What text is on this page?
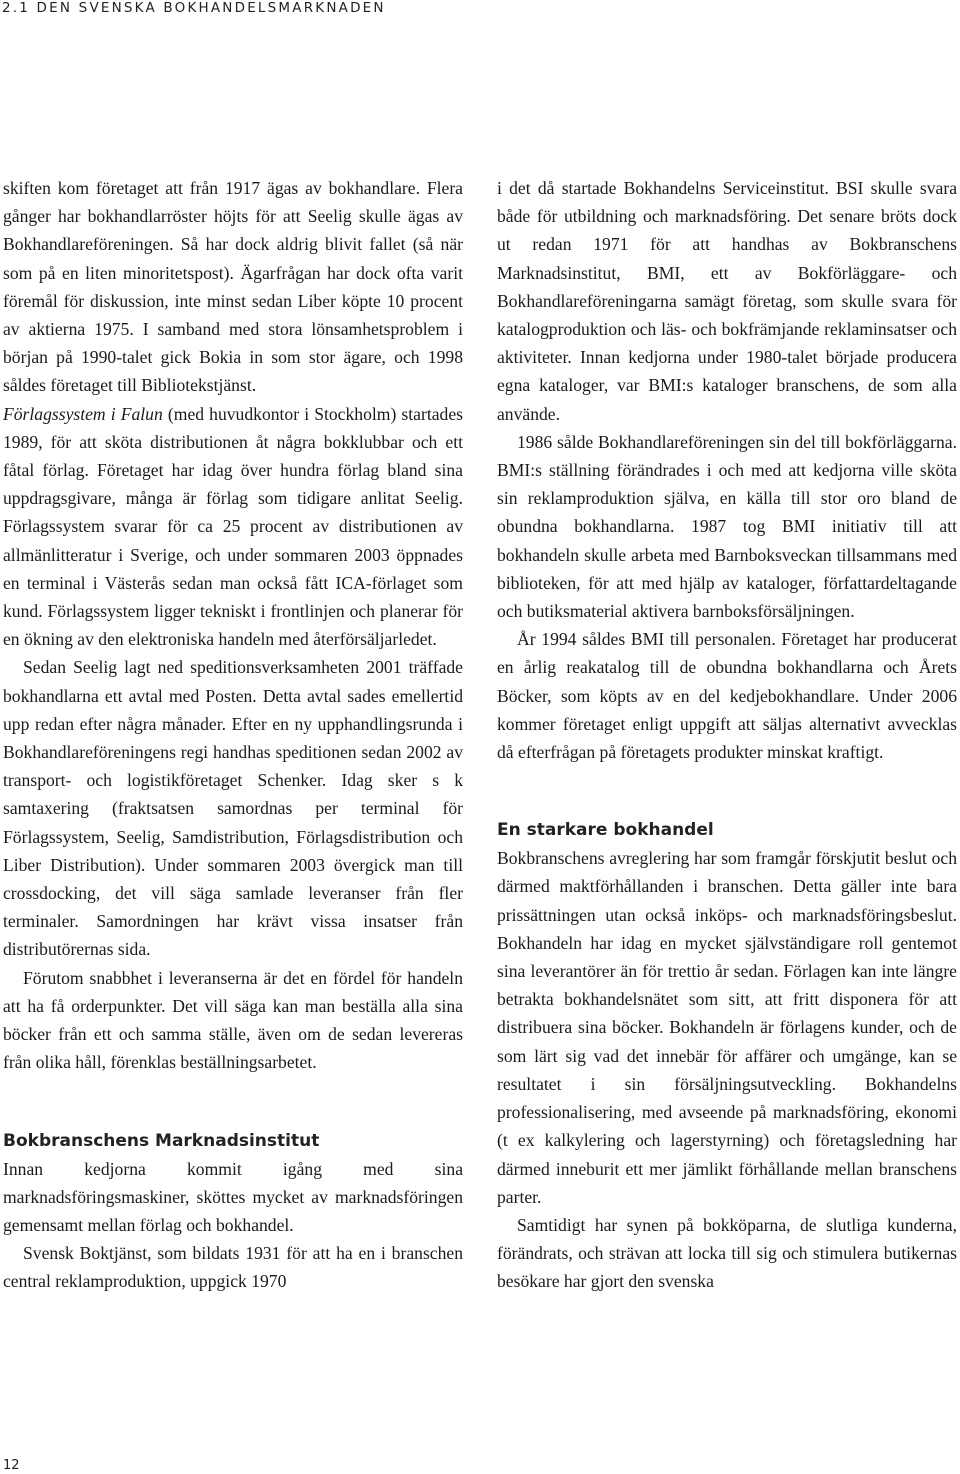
2.1 DEN SVENSKA BOKHANDELSMARKNADEN

skiften kom företaget att från 1917 ägas av bokhandlare. Flera gånger har bokhandlarröster höjts för att Seelig skulle ägas av Bokhandlareföreningen. Så har dock aldrig blivit fallet (så när som på en liten minoritetspost). Ägarfrågan har dock ofta varit föremål för diskussion, inte minst sedan Liber köpte 10 procent av aktierna 1975. I samband med stora lönsamhetsproblem i början på 1990-talet gick Bokia in som stor ägare, och 1998 såldes företaget till Bibliotekstjänst.
Förlagssystem i Falun (med huvudkontor i Stockholm) startades 1989, för att sköta distributionen åt några bokklubbar och ett fåtal förlag. Företaget har idag över hundra förlag bland sina uppdragsgivare, många är förlag som tidigare anlitat Seelig. Förlagssystem svarar för ca 25 procent av distributionen av allmänlitteratur i Sverige, och under sommaren 2003 öppnades en terminal i Västerås sedan man också fått ICA-förlaget som kund. Förlagssystem ligger tekniskt i frontlinjen och planerar för en ökning av den elektroniska handeln med återförsäljarledet.

Sedan Seelig lagt ned speditionsverksamheten 2001 träffade bokhandlarna ett avtal med Posten. Detta avtal sades emellertid upp redan efter några månader. Efter en ny upphandlingsrunda i Bokhandlareföreningens regi handhas speditionen sedan 2002 av transport- och logistikföretaget Schenker. Idag sker s k samtaxering (fraktsatsen samordnas per terminal för Förlagssystem, Seelig, Samdistribution, Förlagsdistribution och Liber Distribution). Under sommaren 2003 övergick man till crossdocking, det vill säga samlade leveranser från fler terminaler. Samordningen har krävt vissa insatser från distributörernas sida.

Förutom snabbhet i leveranserna är det en fördel för handeln att ha få orderpunkter. Det vill säga kan man beställa alla sina böcker från ett och samma ställe, även om de sedan levereras från olika håll, förenklas beställningsarbetet.

Bokbranschens Marknadsinstitut

Innan kedjorna kommit igång med sina marknadsföringsmaskiner, sköttes mycket av marknadsföringen gemensamt mellan förlag och bokhandel.

Svensk Boktjänst, som bildats 1931 för att ha en i branschen central reklamproduktion, uppgick 1970

i det då startade Bokhandelns Serviceinstitut. BSI skulle svara både för utbildning och marknadsföring. Det senare bröts dock ut redan 1971 för att handhas av Bokbranschens Marknadsinstitut, BMI, ett av Bokförläggare- och Bokhandlareföreningarna samägt företag, som skulle svara för katalogproduktion och läs- och bokfrämjande reklaminsatser och aktiviteter. Innan kedjorna under 1980-talet började producera egna kataloger, var BMI:s kataloger branschens, de som alla använde.

1986 sålde Bokhandlareföreningen sin del till bokförläggarna. BMI:s ställning förändrades i och med att kedjorna ville sköta sin reklamproduktion själva, en källa till stor oro bland de obundna bokhandlarna. 1987 tog BMI initiativ till att bokhandeln skulle arbeta med Barnboksveckan tillsammans med biblioteken, för att med hjälp av kataloger, författardeltagande och butiksmaterial aktivera barnboksförsäljningen.

År 1994 såldes BMI till personalen. Företaget har producerat en årlig reakatalog till de obundna bokhandlarna och Årets Böcker, som köpts av en del kedjebokhandlare. Under 2006 kommer företaget enligt uppgift att säljas alternativt avvecklas då efterfrågan på företagets produkter minskat kraftigt.

En starkare bokhandel

Bokbranschens avreglering har som framgår förskjutit beslut och därmed maktförhållanden i branschen. Detta gäller inte bara prissättningen utan också inköps- och marknadsföringsbeslut. Bokhandeln har idag en mycket självständigare roll gentemot sina leverantörer än för trettio år sedan. Förlagen kan inte längre betrakta bokhandelsnätet som sitt, att fritt disponera för att distribuera sina böcker. Bokhandeln är förlagens kunder, och de som lärt sig vad det innebär för affärer och umgänge, kan se resultatet i sin försäljningsutveckling. Bokhandelns professionalisering, med avseende på marknadsföring, ekonomi (t ex kalkylering och lagerstyrning) och företagsledning har därmed inneburit ett mer jämlikt förhållande mellan branschens parter.

Samtidigt har synen på bokköparna, de slutliga kunderna, förändrats, och strävan att locka till sig och stimulera butikernas besökare har gjort den svenska

12
